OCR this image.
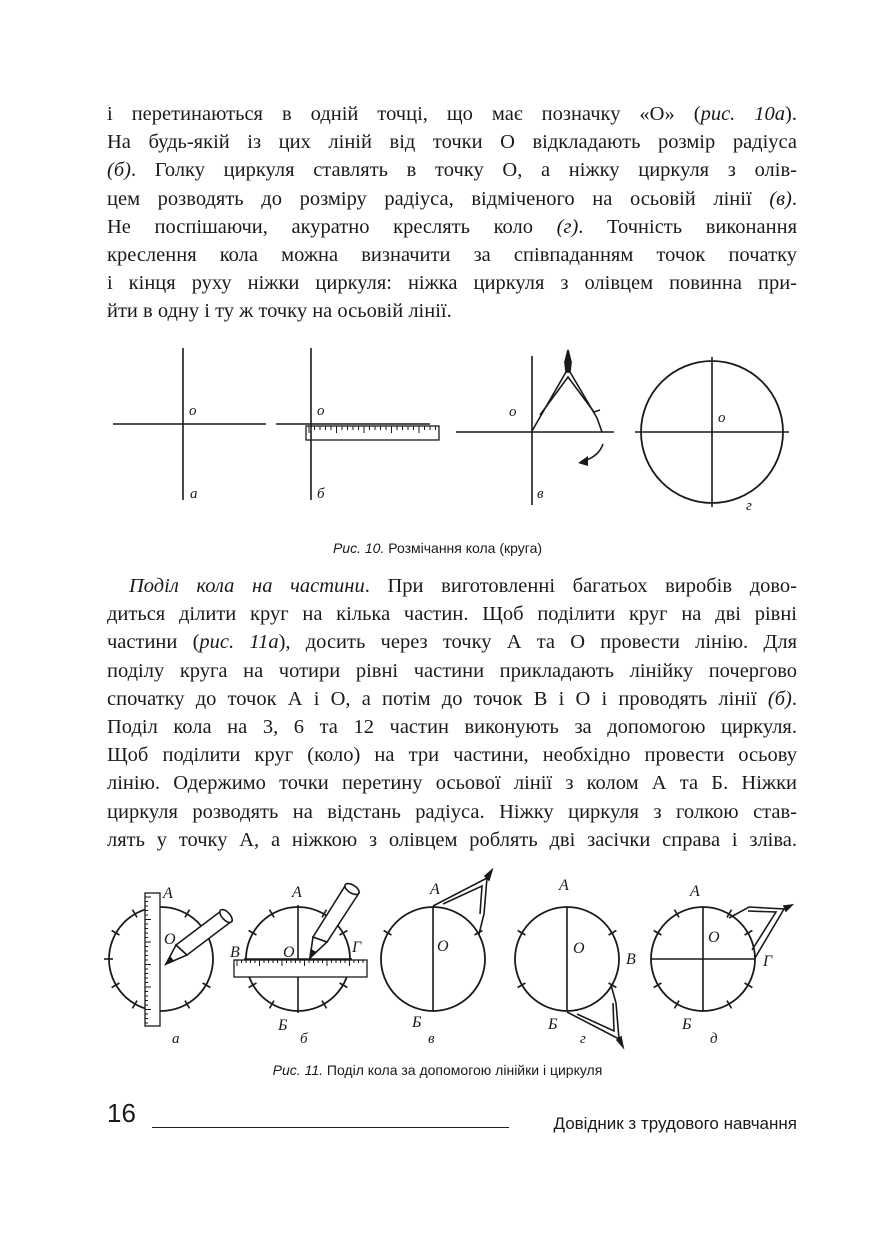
і перетинаються в одній точці, що має позначку «О» (рис. 10а).
На будь-якій із цих ліній від точки О відкладають розмір радіуса
(б). Голку циркуля ставлять в точку О, а ніжку циркуля з олів-
цем розводять до розміру радіуса, відміченого на осьовій лінії (в).
Не поспішаючи, акуратно креслять коло (г). Точність виконання
креслення кола можна визначити за співпаданням точок початку
і кінця руху ніжки циркуля: ніжка циркуля з олівцем повинна при-
йти в одну і ту ж точку на осьовій лінії.
о
а
о
б
о
в
о
г
Рис. 10. Розмічання кола (круга)
Поділ кола на частини. При виготовленні багатьох виробів дово-
диться ділити круг на кілька частин. Щоб поділити круг на дві рівні
частини (рис. 11а), досить через точку А та О провести лінію. Для
поділу круга на чотири рівні частини прикладають лінійку почергово
спочатку до точок А і О, а потім до точок В і О і проводять лінії (б).
Поділ кола на 3, 6 та 12 частин виконують за допомогою циркуля.
Щоб поділити круг (коло) на три частини, необхідно провести осьову
лінію. Одержимо точки перетину осьової лінії з колом А та Б. Ніжки
циркуля розводять на відстань радіуса. Ніжку циркуля з голкою став-
лять у точку А, а ніжкою з олівцем роблять дві засічки справа і зліва.
А
О
а
А
О
В	Г
Б
б
А
О
Б
в
А
О
Б
г
А
О
В	Г
Б
д
Рис. 11. Поділ кола за допомогою лінійки і циркуля
16	Довідник з трудового навчання
